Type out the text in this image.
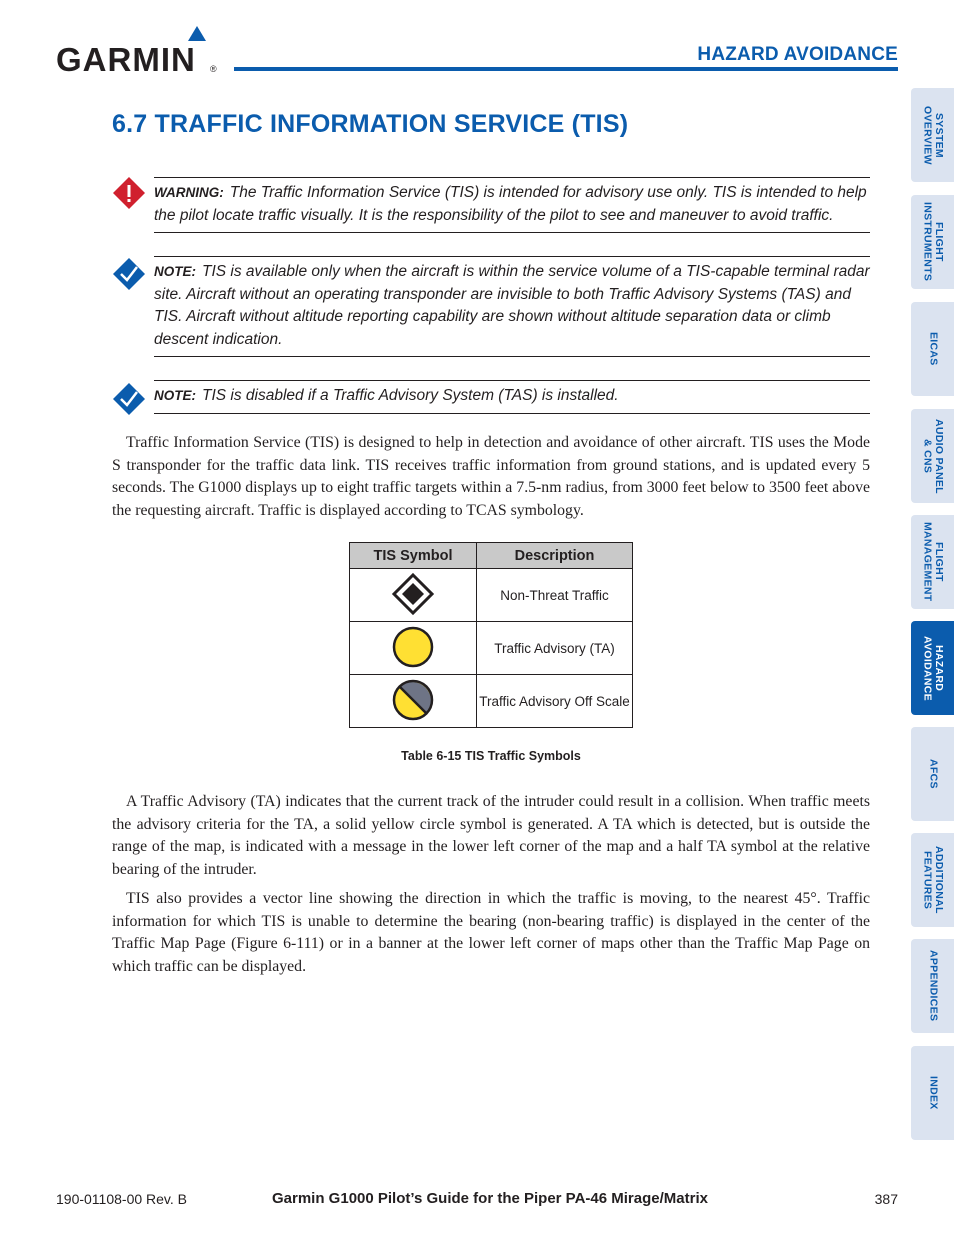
GARMIN ®
HAZARD AVOIDANCE
6.7 TRAFFIC INFORMATION SERVICE (TIS)
WARNING: The Traffic Information Service (TIS) is intended for advisory use only. TIS is intended to help the pilot locate traffic visually. It is the responsibility of the pilot to see and maneuver to avoid traffic.
NOTE: TIS is available only when the aircraft is within the service volume of a TIS-capable terminal radar site. Aircraft without an operating transponder are invisible to both Traffic Advisory Systems (TAS) and TIS. Aircraft without altitude reporting capability are shown without altitude separation data or climb descent indication.
NOTE: TIS is disabled if a Traffic Advisory System (TAS) is installed.

Traffic Information Service (TIS) is designed to help in detection and avoidance of other aircraft. TIS uses the Mode S transponder for the traffic data link. TIS receives traffic information from ground stations, and is updated every 5 seconds. The G1000 displays up to eight traffic targets within a 7.5-nm radius, from 3000 feet below to 3500 feet above the requesting aircraft. Traffic is displayed according to TCAS symbology.

TIS Symbol	Description
	Non-Threat Traffic
	Traffic Advisory (TA)
	Traffic Advisory Off Scale
Table 6-15 TIS Traffic Symbols

A Traffic Advisory (TA) indicates that the current track of the intruder could result in a collision. When traffic meets the advisory criteria for the TA, a solid yellow circle symbol is generated. A TA which is detected, but is outside the range of the map, is indicated with a message in the lower left corner of the map and a half TA symbol at the relative bearing of the intruder.

TIS also provides a vector line showing the direction in which the traffic is moving, to the nearest 45°. Traffic information for which TIS is unable to determine the bearing (non-bearing traffic) is displayed in the center of the Traffic Map Page (Figure 6-111) or in a banner at the lower left corner of maps other than the Traffic Map Page on which traffic can be displayed.

SYSTEM
OVERVIEW
FLIGHT
INSTRUMENTS
EICAS
AUDIO PANEL
& CNS
FLIGHT
MANAGEMENT
HAZARD
AVOIDANCE
AFCS
ADDITIONAL
FEATURES
APPENDICES
INDEX
190-01108-00 Rev. B	Garmin G1000 Pilot’s Guide for the Piper PA-46 Mirage/Matrix	387
